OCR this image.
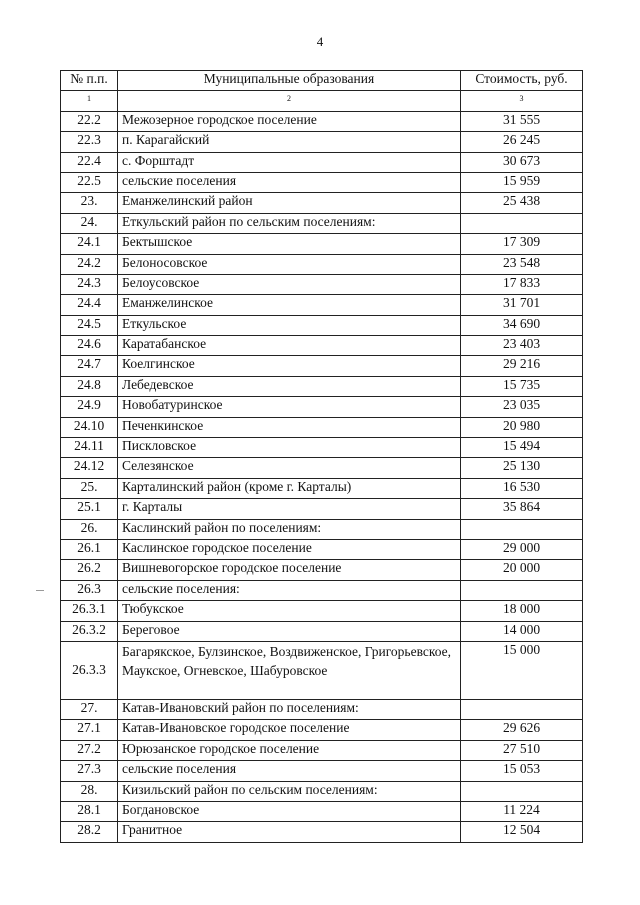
4
№ п.п.	Муниципальные образования	Стоимость, руб.
1	2	3
22.2	Межозерное городское поселение	31 555
22.3	п. Карагайский	26 245
22.4	с. Форштадт	30 673
22.5	сельские поселения	15 959
23.	Еманжелинский район	25 438
24.	Еткульский район по сельским поселениям:	
24.1	Бектышское	17 309
24.2	Белоносовское	23 548
24.3	Белоусовское	17 833
24.4	Еманжелинское	31 701
24.5	Еткульское	34 690
24.6	Каратабанское	23 403
24.7	Коелгинское	29 216
24.8	Лебедевское	15 735
24.9	Новобатуринское	23 035
24.10	Печенкинское	20 980
24.11	Пискловское	15 494
24.12	Селезянское	25 130
25.	Карталинский район (кроме г. Карталы)	16 530
25.1	г. Карталы	35 864
26.	Каслинский район по поселениям:	
26.1	Каслинское городское поселение	29 000
26.2	Вишневогорское городское поселение	20 000
26.3	сельские поселения:	
26.3.1	Тюбукское	18 000
26.3.2	Береговое	14 000
26.3.3	Багарякское, Булзинское, Воздвиженское, Григорьевское, Маукское, Огневское, Шабуровское	15 000
27.	Катав-Ивановский район по поселениям:	
27.1	Катав-Ивановское городское поселение	29 626
27.2	Юрюзанское городское поселение	27 510
27.3	сельские поселения	15 053
28.	Кизильский район по сельским поселениям:	
28.1	Богдановское	11 224
28.2	Гранитное	12 504
